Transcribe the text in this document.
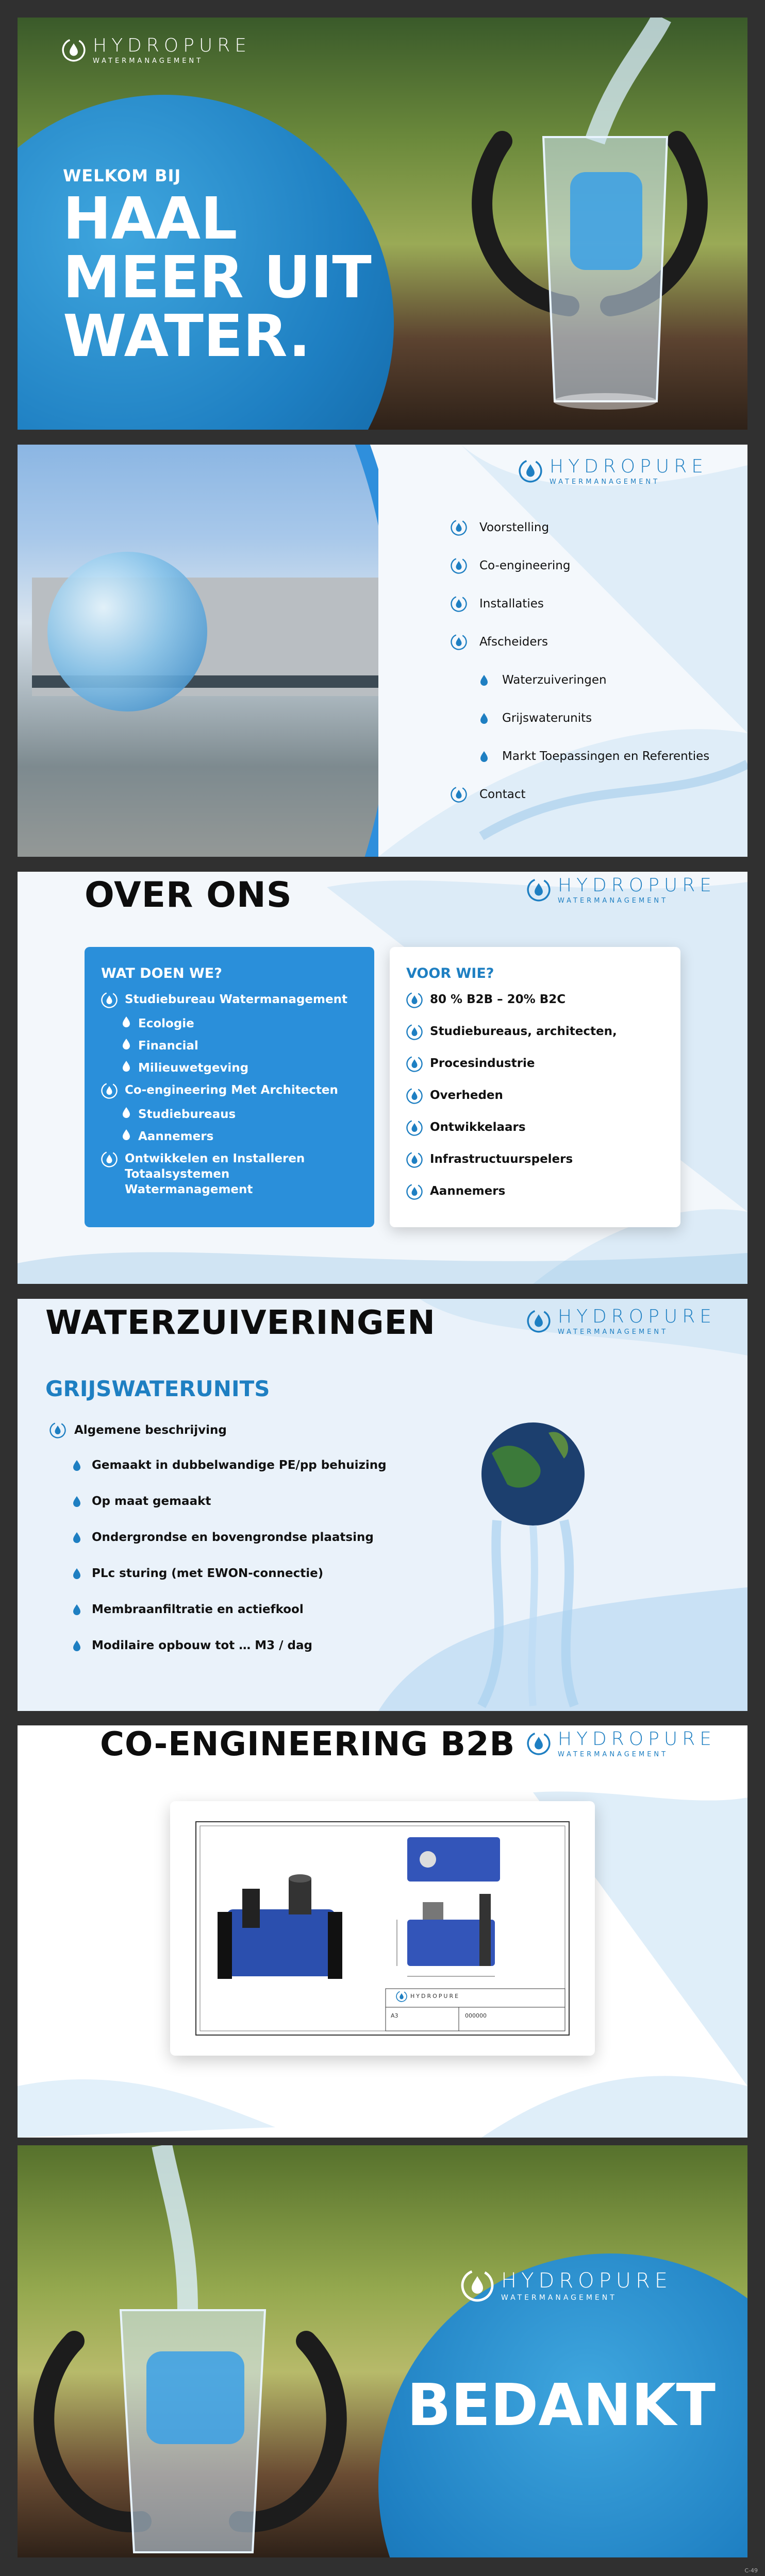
HYDROPURE
WATERMANAGEMENT
WELKOM BIJ
HAAL
MEER UIT
WATER.
HYDROPURE
WATERMANAGEMENT
Voorstelling
Co-engineering
Installaties
Afscheiders
Waterzuiveringen
Grijswaterunits
Markt Toepassingen en Referenties
Contact
OVER ONS	HYDROPURE
WATERMANAGEMENT
WAT DOEN WE?
Studiebureau Watermanagement
Ecologie
Financial
Milieuwetgeving
Co-engineering Met Architecten
Studiebureaus
Aannemers
Ontwikkelen en Installeren Totaalsystemen Watermanagement
VOOR WIE?
80 % B2B – 20% B2C
Studiebureaus, architecten,
Procesindustrie
Overheden
Ontwikkelaars
Infrastructuurspelers
Aannemers
WATERZUIVERINGEN	HYDROPURE
WATERMANAGEMENT
GRIJSWATERUNITS
Algemene beschrijving
Gemaakt in dubbelwandige PE/pp behuizing
Op maat gemaakt
Ondergrondse en bovengrondse plaatsing
PLc sturing (met EWON-connectie)
Membraanfiltratie en actiefkool
Modilaire opbouw tot … M3 / dag
CO-ENGINEERING B2B HYDROPURE
WATERMANAGEMENT
HYDROPURE
A3	000000
HYDROPURE
WATERMANAGEMENT
BEDANKT
C-49
